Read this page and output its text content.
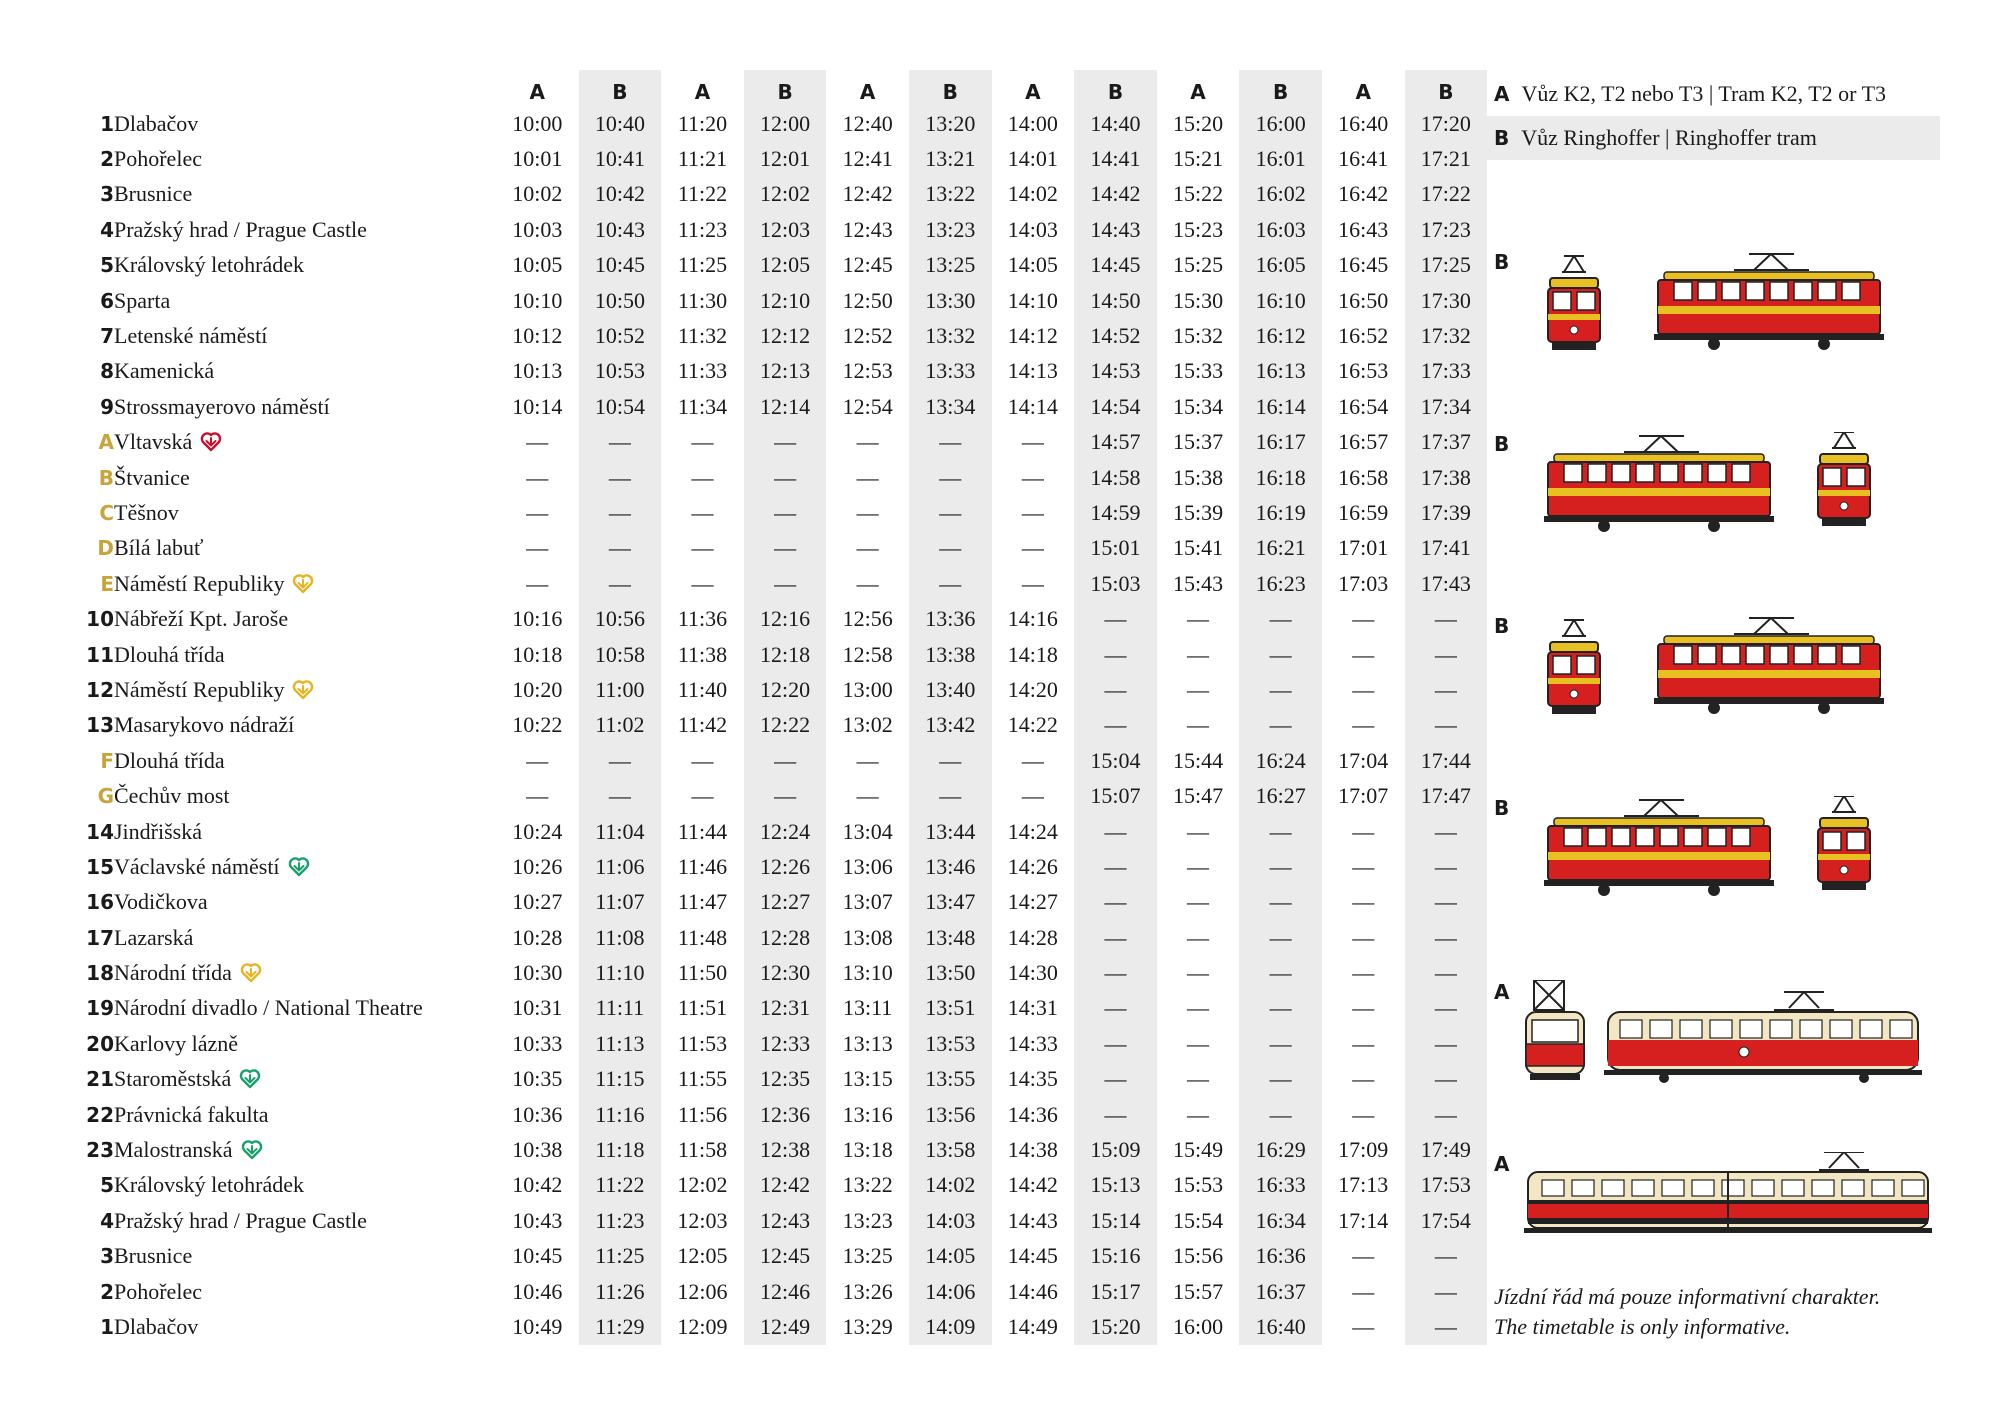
		A	B	A	B	A	B	A	B	A	B	A	B
1	Dlabačov	10:00	10:40	11:20	12:00	12:40	13:20	14:00	14:40	15:20	16:00	16:40	17:20
2	Pohořelec	10:01	10:41	11:21	12:01	12:41	13:21	14:01	14:41	15:21	16:01	16:41	17:21
3	Brusnice	10:02	10:42	11:22	12:02	12:42	13:22	14:02	14:42	15:22	16:02	16:42	17:22
4	Pražský hrad / Prague Castle	10:03	10:43	11:23	12:03	12:43	13:23	14:03	14:43	15:23	16:03	16:43	17:23
5	Královský letohrádek	10:05	10:45	11:25	12:05	12:45	13:25	14:05	14:45	15:25	16:05	16:45	17:25
6	Sparta	10:10	10:50	11:30	12:10	12:50	13:30	14:10	14:50	15:30	16:10	16:50	17:30
7	Letenské náměstí	10:12	10:52	11:32	12:12	12:52	13:32	14:12	14:52	15:32	16:12	16:52	17:32
8	Kamenická	10:13	10:53	11:33	12:13	12:53	13:33	14:13	14:53	15:33	16:13	16:53	17:33
9	Strossmayerovo náměstí	10:14	10:54	11:34	12:14	12:54	13:34	14:14	14:54	15:34	16:14	16:54	17:34
A	Vltavská	—	—	—	—	—	—	—	14:57	15:37	16:17	16:57	17:37
B	Štvanice	—	—	—	—	—	—	—	14:58	15:38	16:18	16:58	17:38
C	Těšnov	—	—	—	—	—	—	—	14:59	15:39	16:19	16:59	17:39
D	Bílá labuť	—	—	—	—	—	—	—	15:01	15:41	16:21	17:01	17:41
E	Náměstí Republiky	—	—	—	—	—	—	—	15:03	15:43	16:23	17:03	17:43
10	Nábřeží Kpt. Jaroše	10:16	10:56	11:36	12:16	12:56	13:36	14:16	—	—	—	—	—
11	Dlouhá třída	10:18	10:58	11:38	12:18	12:58	13:38	14:18	—	—	—	—	—
12	Náměstí Republiky	10:20	11:00	11:40	12:20	13:00	13:40	14:20	—	—	—	—	—
13	Masarykovo nádraží	10:22	11:02	11:42	12:22	13:02	13:42	14:22	—	—	—	—	—
F	Dlouhá třída	—	—	—	—	—	—	—	15:04	15:44	16:24	17:04	17:44
G	Čechův most	—	—	—	—	—	—	—	15:07	15:47	16:27	17:07	17:47
14	Jindřišská	10:24	11:04	11:44	12:24	13:04	13:44	14:24	—	—	—	—	—
15	Václavské náměstí	10:26	11:06	11:46	12:26	13:06	13:46	14:26	—	—	—	—	—
16	Vodičkova	10:27	11:07	11:47	12:27	13:07	13:47	14:27	—	—	—	—	—
17	Lazarská	10:28	11:08	11:48	12:28	13:08	13:48	14:28	—	—	—	—	—
18	Národní třída	10:30	11:10	11:50	12:30	13:10	13:50	14:30	—	—	—	—	—
19	Národní divadlo / National Theatre	10:31	11:11	11:51	12:31	13:11	13:51	14:31	—	—	—	—	—
20	Karlovy lázně	10:33	11:13	11:53	12:33	13:13	13:53	14:33	—	—	—	—	—
21	Staroměstská	10:35	11:15	11:55	12:35	13:15	13:55	14:35	—	—	—	—	—
22	Právnická fakulta	10:36	11:16	11:56	12:36	13:16	13:56	14:36	—	—	—	—	—
23	Malostranská	10:38	11:18	11:58	12:38	13:18	13:58	14:38	15:09	15:49	16:29	17:09	17:49
5	Královský letohrádek	10:42	11:22	12:02	12:42	13:22	14:02	14:42	15:13	15:53	16:33	17:13	17:53
4	Pražský hrad / Prague Castle	10:43	11:23	12:03	12:43	13:23	14:03	14:43	15:14	15:54	16:34	17:14	17:54
3	Brusnice	10:45	11:25	12:05	12:45	13:25	14:05	14:45	15:16	15:56	16:36	—	—
2	Pohořelec	10:46	11:26	12:06	12:46	13:26	14:06	14:46	15:17	15:57	16:37	—	—
1	Dlabačov	10:49	11:29	12:09	12:49	13:29	14:09	14:49	15:20	16:00	16:40	—	—
A Vůz K2, T2 nebo T3 | Tram K2, T2 or T3
B Vůz Ringhoffer | Ringhoffer tram
B
B
B
B
A
A
Jízdní řád má pouze informativní charakter.
The timetable is only informative.
